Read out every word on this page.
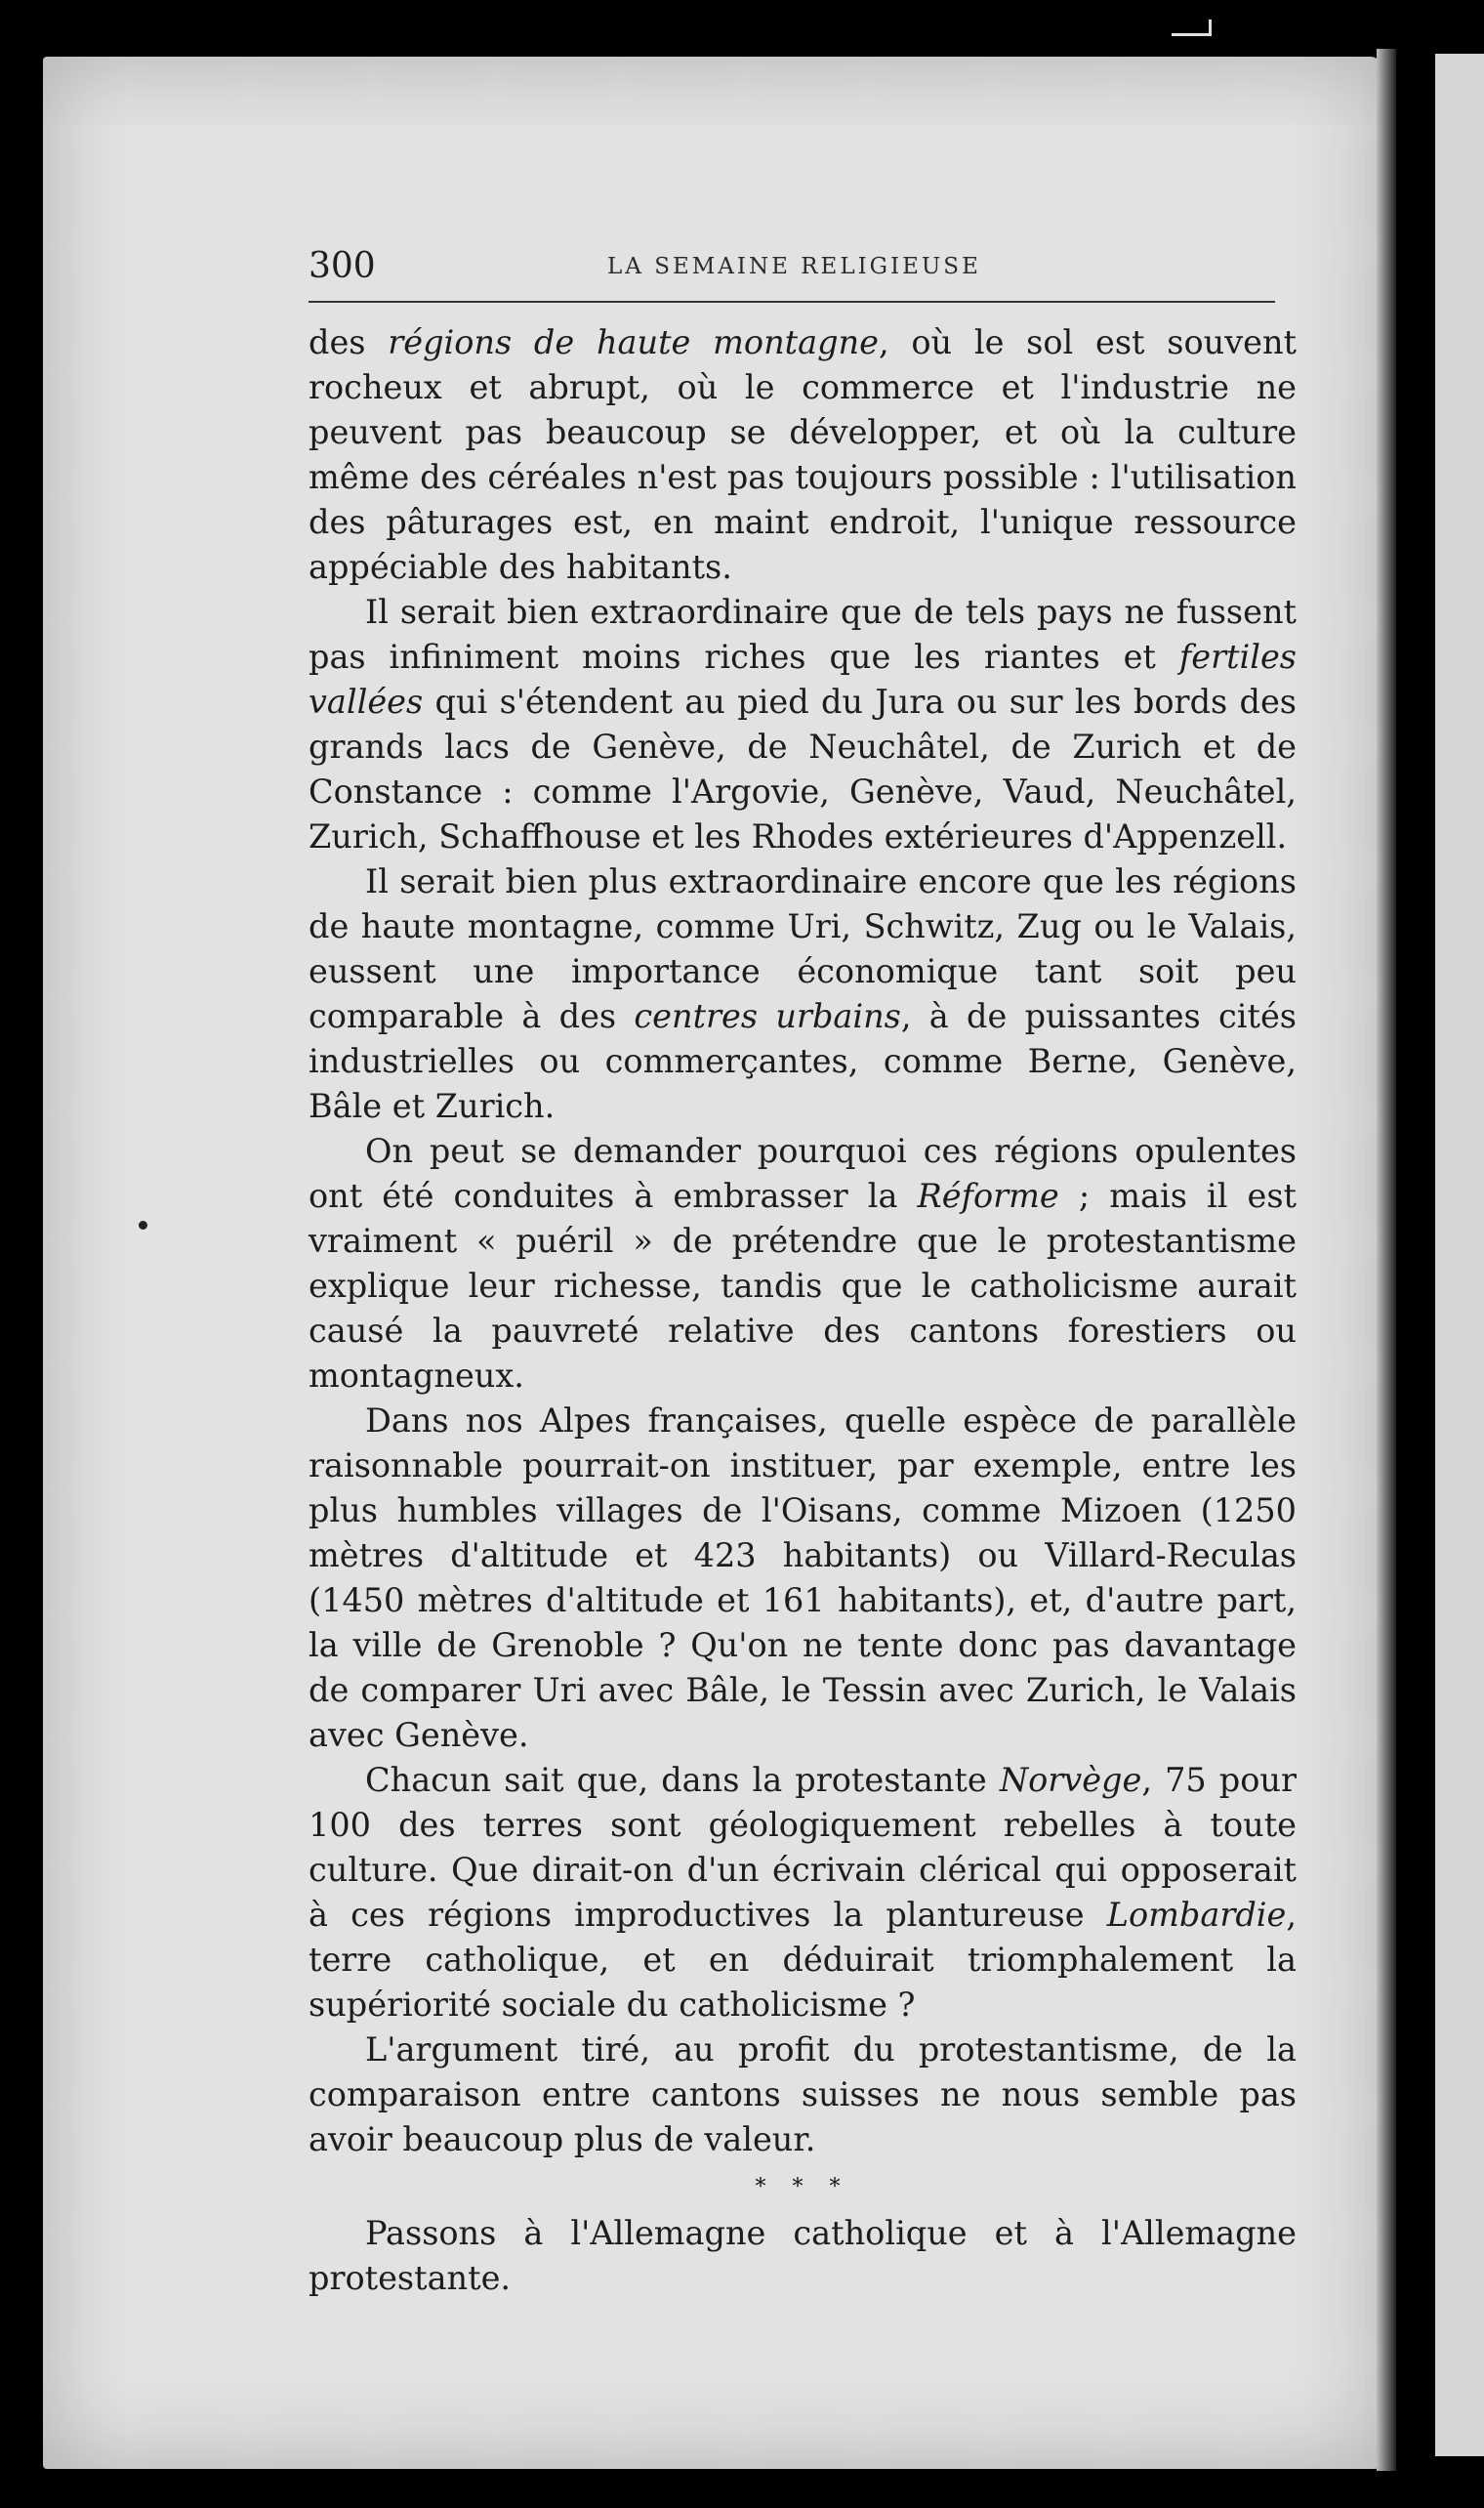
300	LA SEMAINE RELIGIEUSE

des régions de haute montagne, où le sol est souvent rocheux et abrupt, où le commerce et l'industrie ne peuvent pas beaucoup se développer, et où la culture même des céréales n'est pas toujours possible : l'utilisation des pâturages est, en maint endroit, l'unique ressource appéciable des habitants.

Il serait bien extraordinaire que de tels pays ne fussent pas infiniment moins riches que les riantes et fertiles vallées qui s'étendent au pied du Jura ou sur les bords des grands lacs de Genève, de Neuchâtel, de Zurich et de Constance : comme l'Argovie, Genève, Vaud, Neuchâtel, Zurich, Schaffhouse et les Rhodes extérieures d'Appenzell.

Il serait bien plus extraordinaire encore que les régions de haute montagne, comme Uri, Schwitz, Zug ou le Valais, eussent une importance économique tant soit peu comparable à des centres urbains, à de puissantes cités industrielles ou commerçantes, comme Berne, Genève, Bâle et Zurich.

On peut se demander pourquoi ces régions opulentes ont été conduites à embrasser la Réforme ; mais il est vraiment « puéril » de prétendre que le protestantisme explique leur richesse, tandis que le catholicisme aurait causé la pauvreté relative des cantons forestiers ou montagneux.

Dans nos Alpes françaises, quelle espèce de parallèle raisonnable pourrait-on instituer, par exemple, entre les plus humbles villages de l'Oisans, comme Mizoen (1250 mètres d'altitude et 423 habitants) ou Villard-Reculas (1450 mètres d'altitude et 161 habitants), et, d'autre part, la ville de Grenoble ? Qu'on ne tente donc pas davantage de comparer Uri avec Bâle, le Tessin avec Zurich, le Valais avec Genève.

Chacun sait que, dans la protestante Norvège, 75 pour 100 des terres sont géologiquement rebelles à toute culture. Que dirait-on d'un écrivain clérical qui opposerait à ces régions improductives la plantureuse Lombardie, terre catholique, et en déduirait triomphalement la supériorité sociale du catholicisme ?

L'argument tiré, au profit du protestantisme, de la comparaison entre cantons suisses ne nous semble pas avoir beaucoup plus de valeur.

* * *

Passons à l'Allemagne catholique et à l'Allemagne protestante.
